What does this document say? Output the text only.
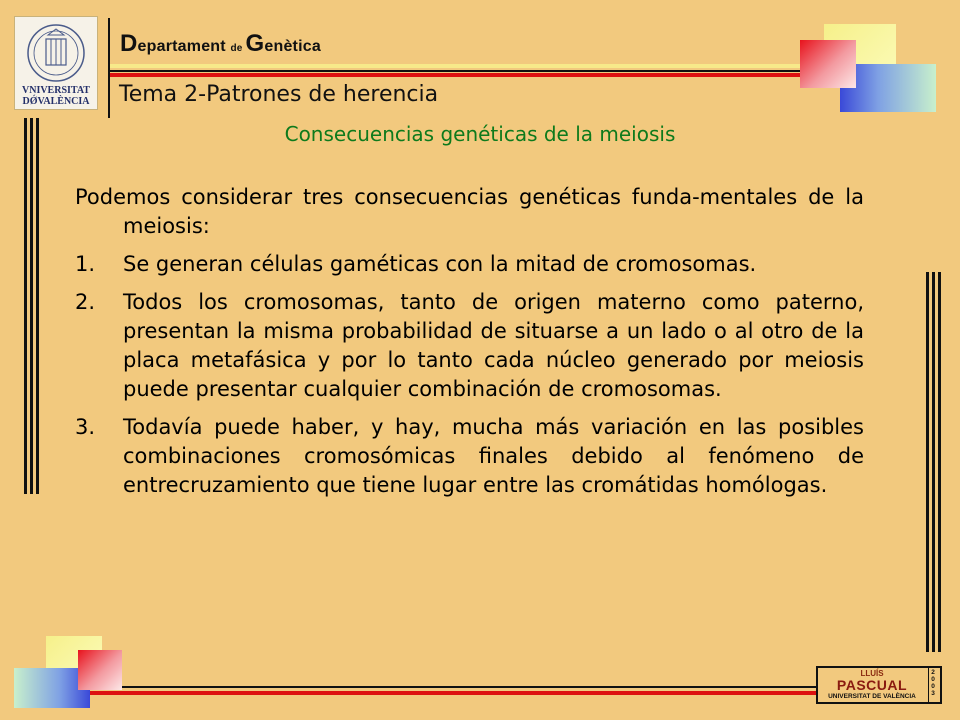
VNIVERSITAT
DǾVALÈNCIA
Departament de Genètica
Tema 2-Patrones de herencia
Consecuencias genéticas de la meiosis

Podemos considerar tres consecuencias genéticas funda-mentales de la meiosis:

1. Se generan células gaméticas con la mitad de cromosomas.
2. Todos los cromosomas, tanto de origen materno como paterno, presentan la misma probabilidad de situarse a un lado o al otro de la placa metafásica y por lo tanto cada núcleo generado por meiosis puede presentar cualquier combinación de cromosomas.
3. Todavía puede haber, y hay, mucha más variación en las posibles combinaciones cromosómicas finales debido al fenómeno de entrecruzamiento que tiene lugar entre las cromátidas homólogas.
LLUÍS
PASCUAL
UNIVERSITAT DE VALÈNCIA
2
0
0
3
